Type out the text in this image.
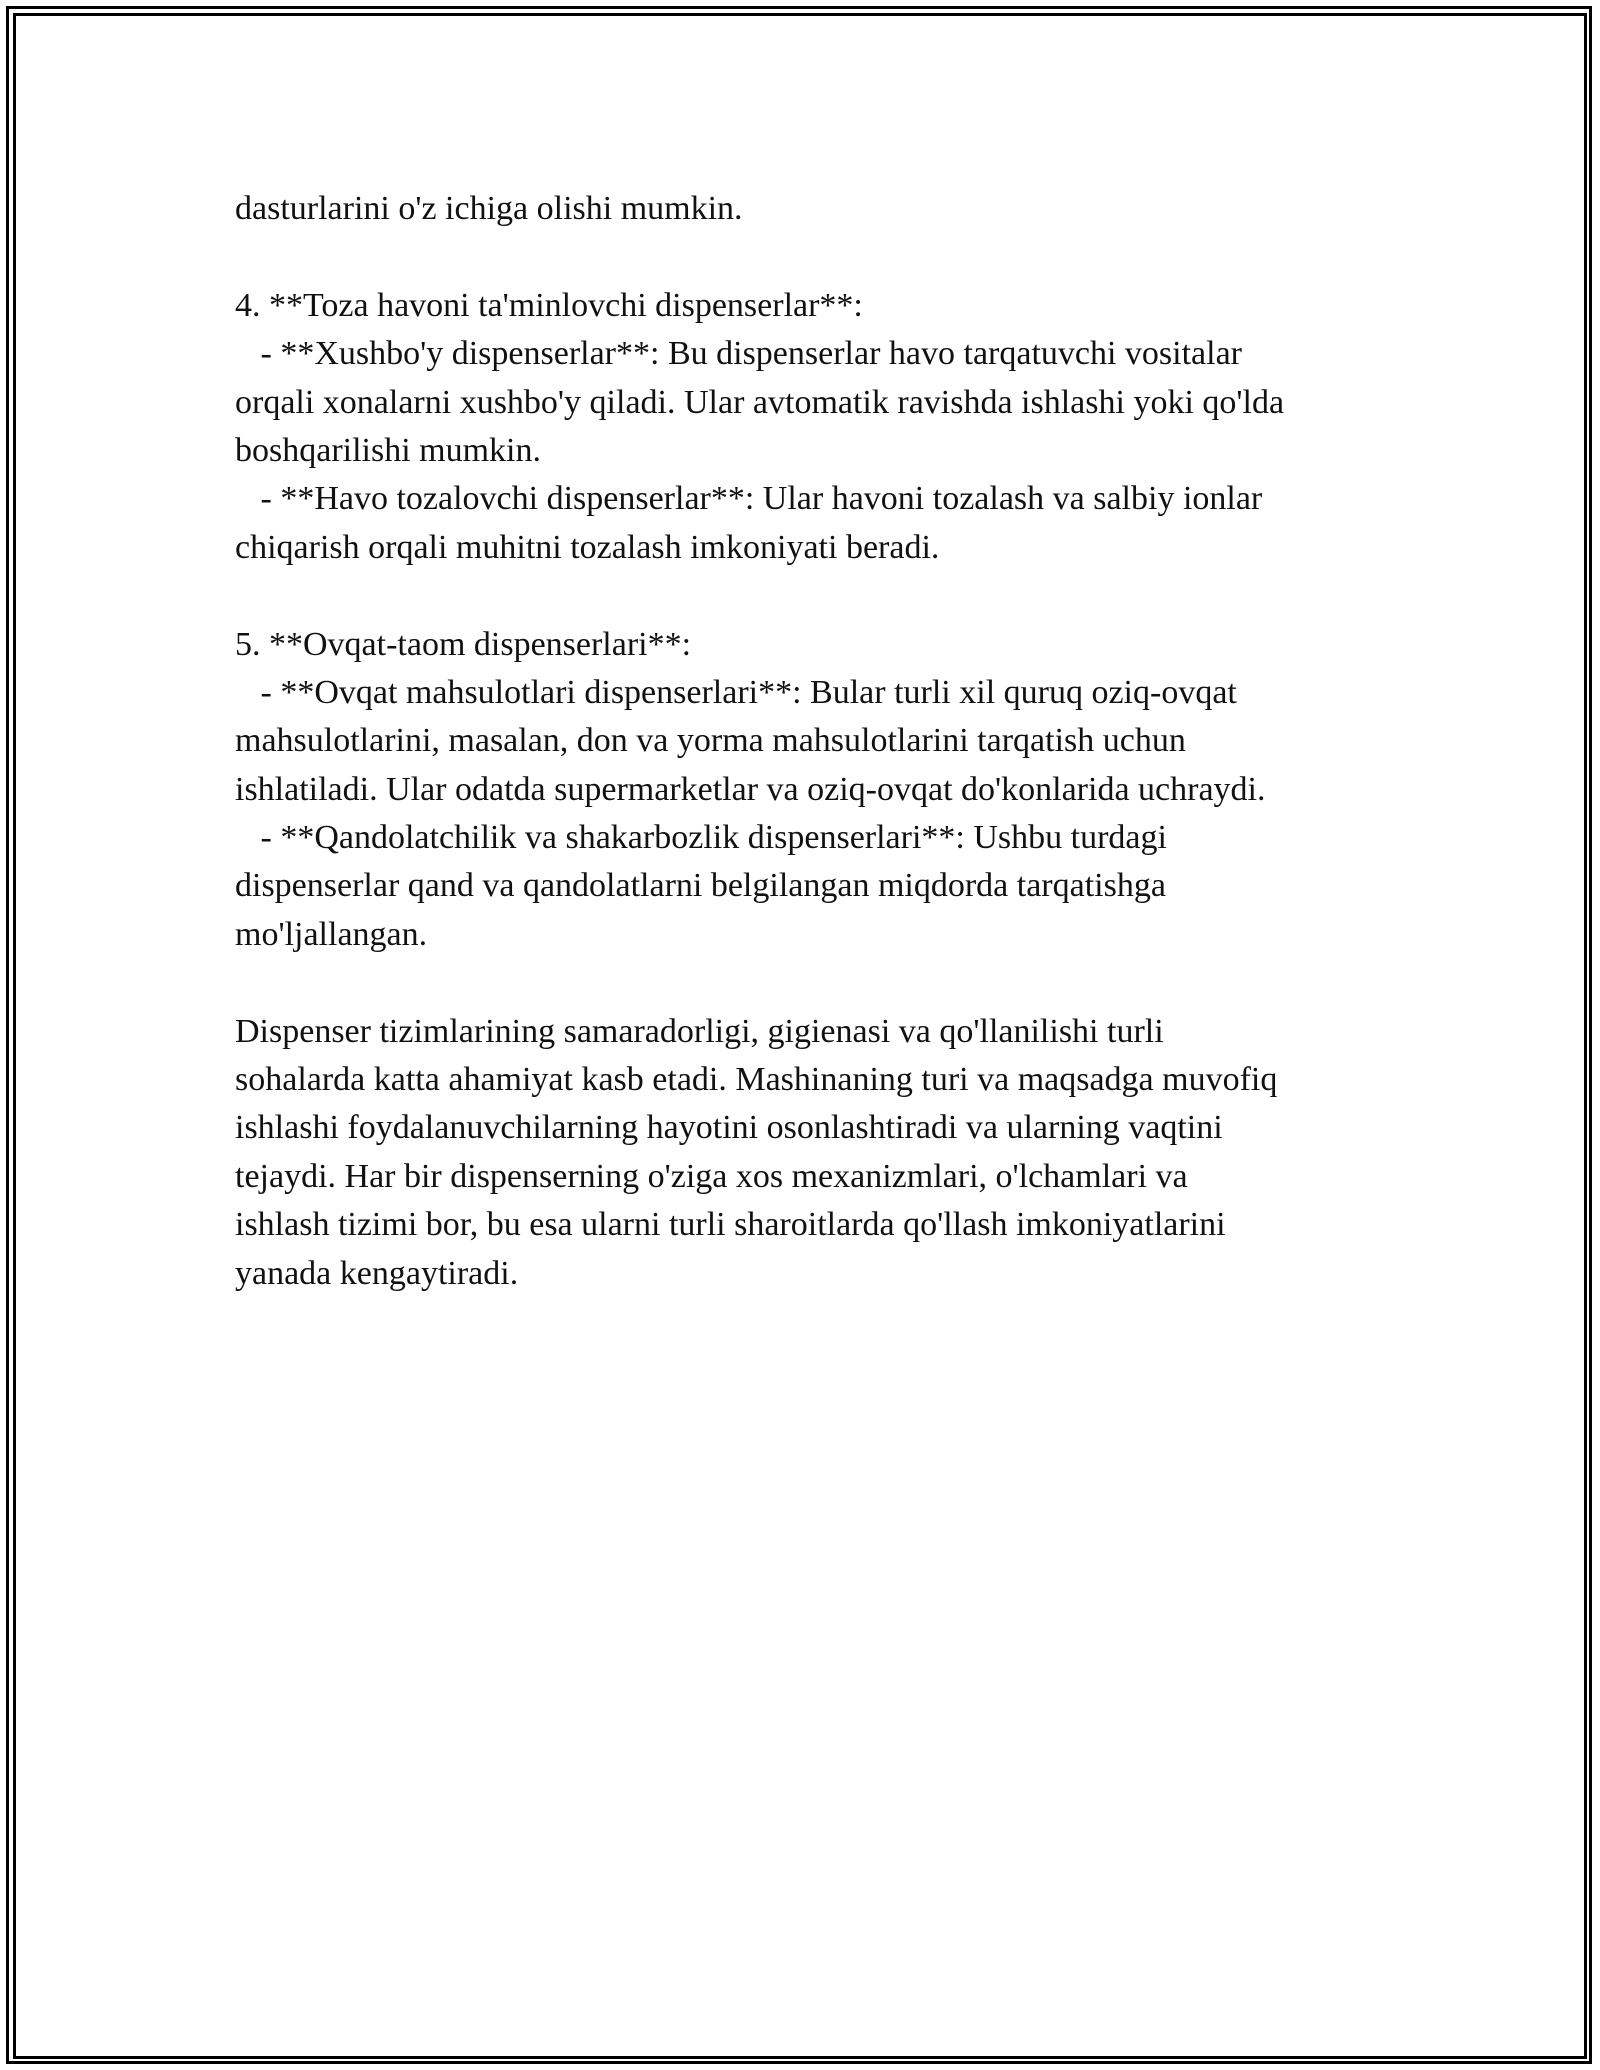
dasturlarini o'z ichiga olishi mumkin.
4. **Toza havoni ta'minlovchi dispenserlar**:
- **Xushbo'y dispenserlar**: Bu dispenserlar havo tarqatuvchi vositalar
orqali xonalarni xushbo'y qiladi. Ular avtomatik ravishda ishlashi yoki qo'lda
boshqarilishi mumkin.
- **Havo tozalovchi dispenserlar**: Ular havoni tozalash va salbiy ionlar
chiqarish orqali muhitni tozalash imkoniyati beradi.
5. **Ovqat-taom dispenserlari**:
- **Ovqat mahsulotlari dispenserlari**: Bular turli xil quruq oziq-ovqat
mahsulotlarini, masalan, don va yorma mahsulotlarini tarqatish uchun
ishlatiladi. Ular odatda supermarketlar va oziq-ovqat do'konlarida uchraydi.
- **Qandolatchilik va shakarbozlik dispenserlari**: Ushbu turdagi
dispenserlar qand va qandolatlarni belgilangan miqdorda tarqatishga
mo'ljallangan.
Dispenser tizimlarining samaradorligi, gigienasi va qo'llanilishi turli
sohalarda katta ahamiyat kasb etadi. Mashinaning turi va maqsadga muvofiq
ishlashi foydalanuvchilarning hayotini osonlashtiradi va ularning vaqtini
tejaydi. Har bir dispenserning o'ziga xos mexanizmlari, o'lchamlari va
ishlash tizimi bor, bu esa ularni turli sharoitlarda qo'llash imkoniyatlarini
yanada kengaytiradi.
